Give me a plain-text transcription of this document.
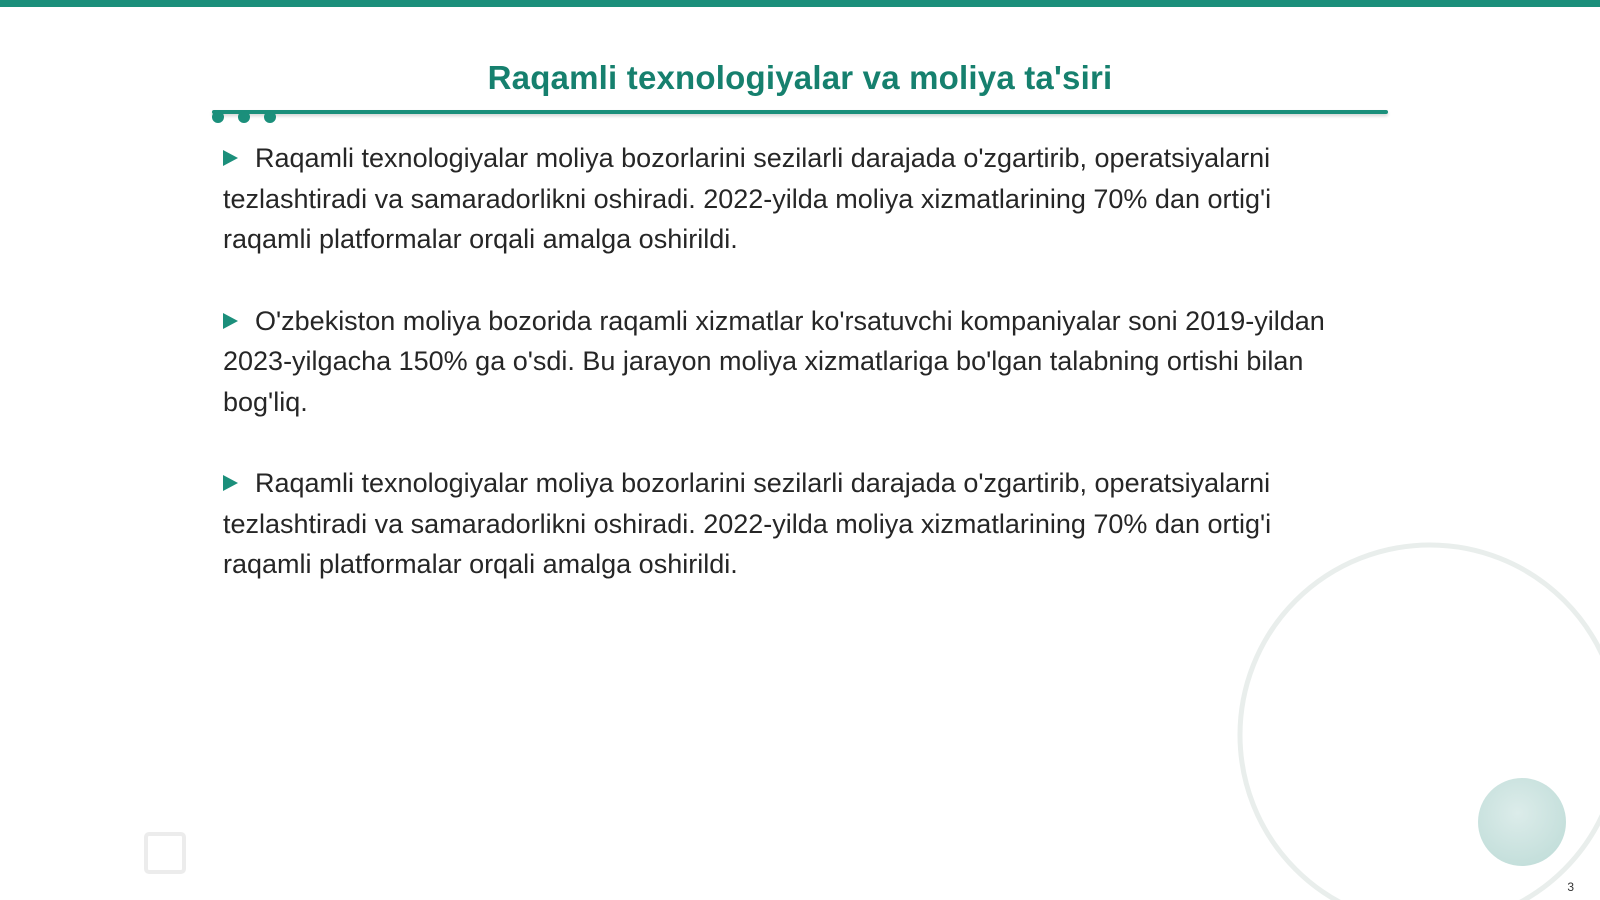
Raqamli texnologiyalar va moliya ta'siri

Raqamli texnologiyalar moliya bozorlarini sezilarli darajada o'zgartirib, operatsiyalarni tezlashtiradi va samaradorlikni oshiradi. 2022-yilda moliya xizmatlarining 70% dan ortig'i raqamli platformalar orqali amalga oshirildi.

O'zbekiston moliya bozorida raqamli xizmatlar ko'rsatuvchi kompaniyalar soni 2019-yildan 2023-yilgacha 150% ga o'sdi. Bu jarayon moliya xizmatlariga bo'lgan talabning ortishi bilan bog'liq.

Raqamli texnologiyalar moliya bozorlarini sezilarli darajada o'zgartirib, operatsiyalarni tezlashtiradi va samaradorlikni oshiradi. 2022-yilda moliya xizmatlarining 70% dan ortig'i raqamli platformalar orqali amalga oshirildi.

3
